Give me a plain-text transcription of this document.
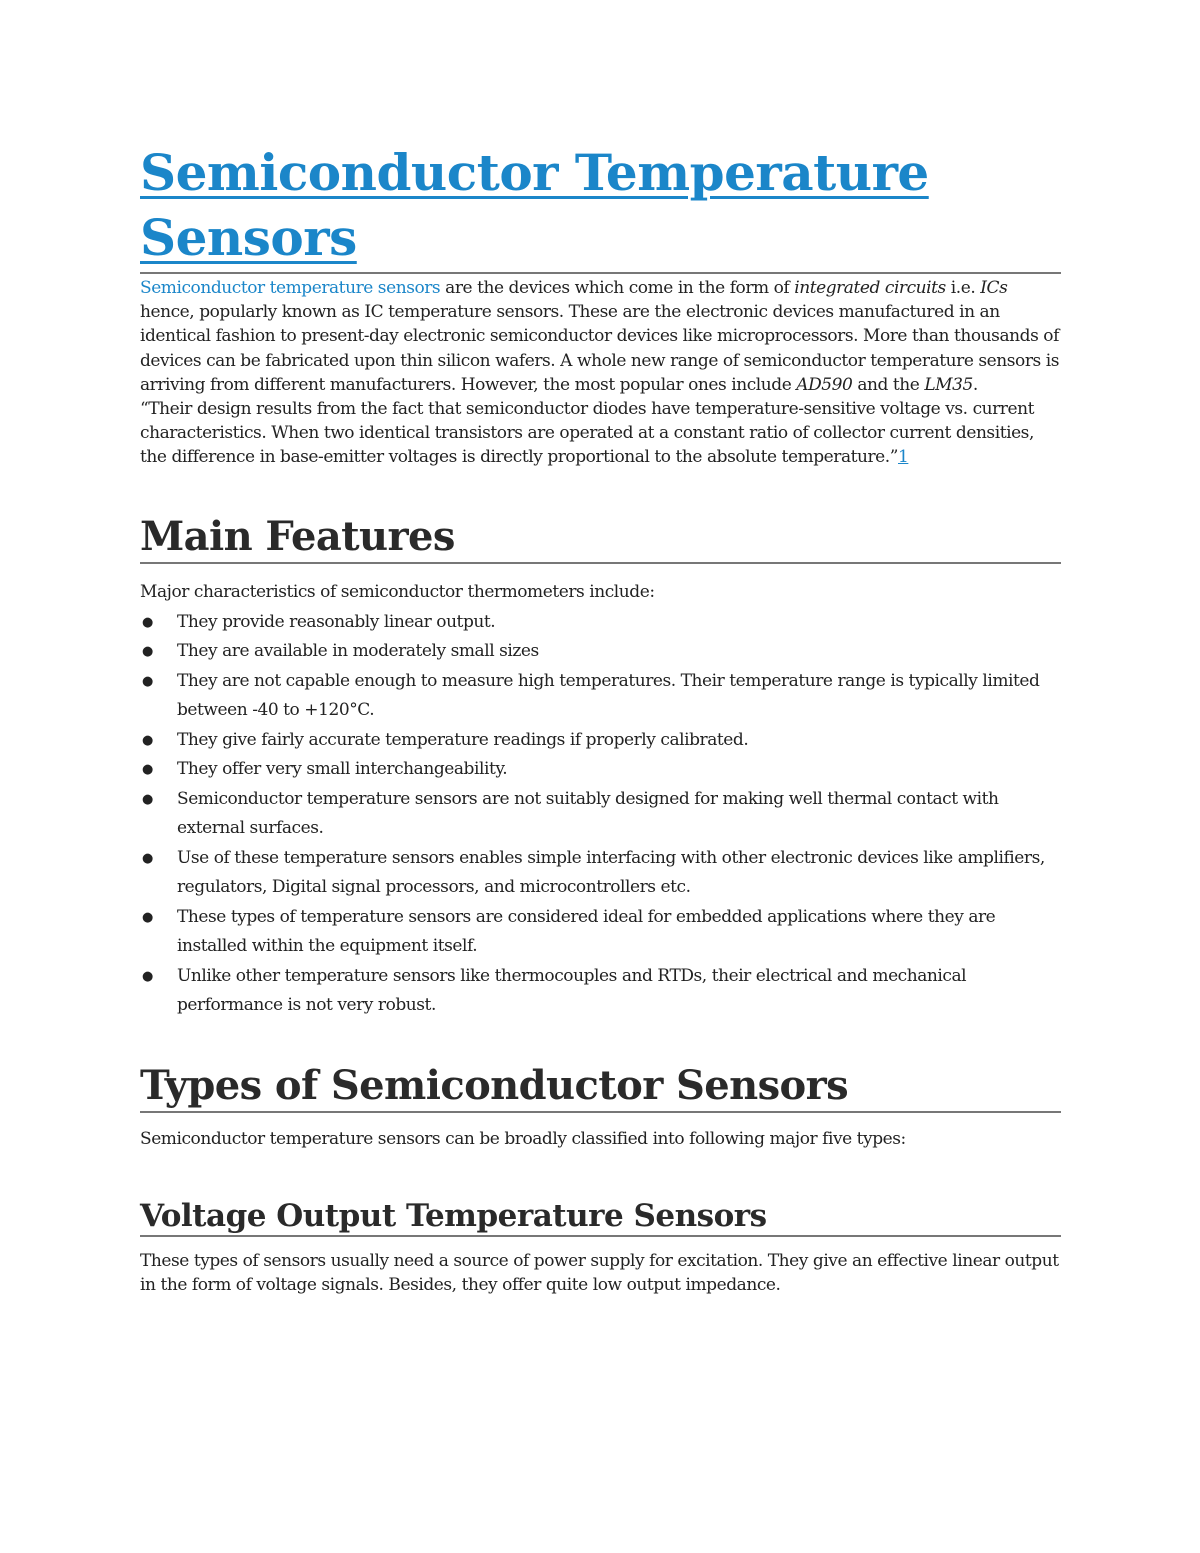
Semiconductor Temperature Sensors

Semiconductor temperature sensors are the devices which come in the form of integrated circuits i.e. ICs hence, popularly known as IC temperature sensors. These are the electronic devices manufactured in an identical fashion to present-day electronic semiconductor devices like microprocessors. More than thousands of devices can be fabricated upon thin silicon wafers. A whole new range of semiconductor temperature sensors is arriving from different manufacturers. However, the most popular ones include AD590 and the LM35.

“Their design results from the fact that semiconductor diodes have temperature-sensitive voltage vs. current characteristics. When two identical transistors are operated at a constant ratio of collector current densities, the difference in base-emitter voltages is directly proportional to the absolute temperature.”1

Main Features

Major characteristics of semiconductor thermometers include:

● They provide reasonably linear output.
● They are available in moderately small sizes
● They are not capable enough to measure high temperatures. Their temperature range is typically limited between -40 to +120°C.
● They give fairly accurate temperature readings if properly calibrated.
● They offer very small interchangeability.
● Semiconductor temperature sensors are not suitably designed for making well thermal contact with external surfaces.
● Use of these temperature sensors enables simple interfacing with other electronic devices like amplifiers, regulators, Digital signal processors, and microcontrollers etc.
● These types of temperature sensors are considered ideal for embedded applications where they are installed within the equipment itself.
● Unlike other temperature sensors like thermocouples and RTDs, their electrical and mechanical performance is not very robust.
Types of Semiconductor Sensors

Semiconductor temperature sensors can be broadly classified into following major five types:

Voltage Output Temperature Sensors

These types of sensors usually need a source of power supply for excitation. They give an effective linear output in the form of voltage signals. Besides, they offer quite low output impedance.
